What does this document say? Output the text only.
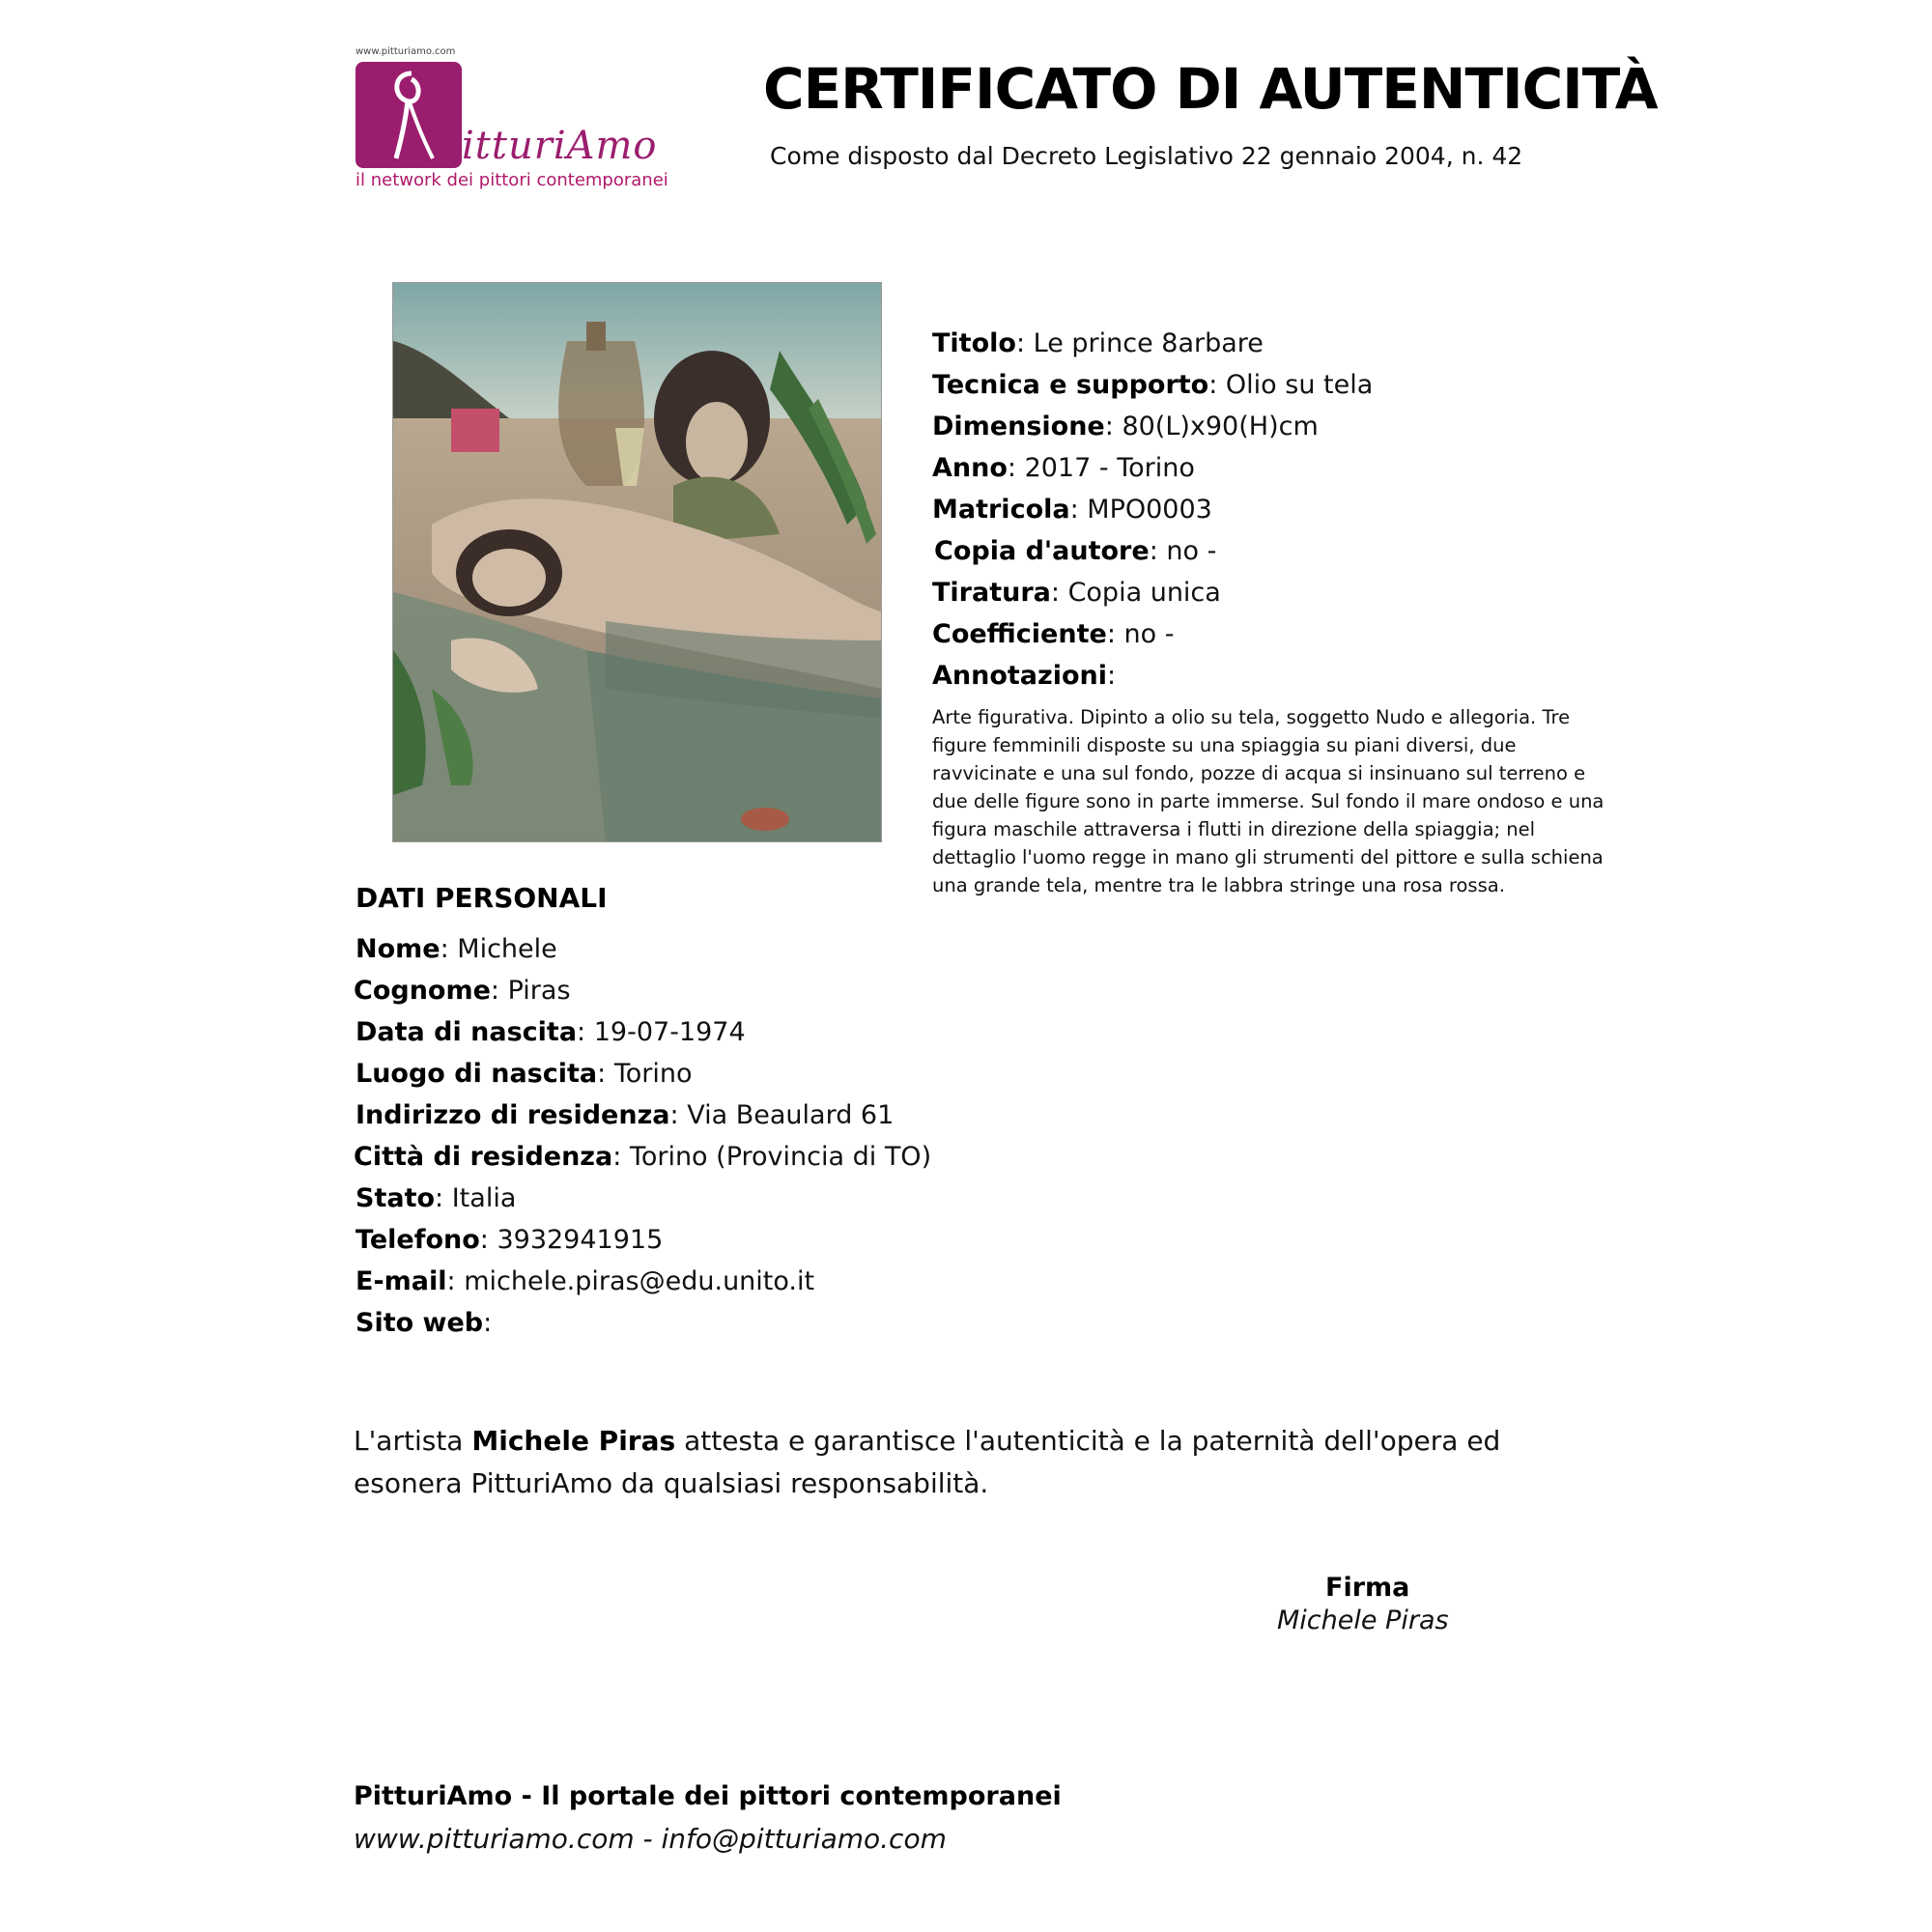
www.pitturiamo.com
itturiAmo
il network dei pittori contemporanei
CERTIFICATO DI AUTENTICITÀ
Come disposto dal Decreto Legislativo 22 gennaio 2004, n. 42
Titolo: Le prince 8arbare
Tecnica e supporto: Olio su tela
Dimensione: 80(L)x90(H)cm
Anno: 2017 - Torino
Matricola: MPO0003
Copia d'autore: no -
Tiratura: Copia unica
Coefficiente: no -
Annotazioni:
Arte figurativa. Dipinto a olio su tela, soggetto Nudo e allegoria. Tre figure femminili disposte su una spiaggia su piani diversi, due ravvicinate e una sul fondo, pozze di acqua si insinuano sul terreno e due delle figure sono in parte immerse. Sul fondo il mare ondoso e una figura maschile attraversa i flutti in direzione della spiaggia; nel dettaglio l'uomo regge in mano gli strumenti del pittore e sulla schiena una grande tela, mentre tra le labbra stringe una rosa rossa.
DATI PERSONALI
Nome: Michele
Cognome: Piras
Data di nascita: 19-07-1974
Luogo di nascita: Torino
Indirizzo di residenza: Via Beaulard 61
Città di residenza: Torino (Provincia di TO)
Stato: Italia
Telefono: 3932941915
E-mail: michele.piras@edu.unito.it
Sito web:
L'artista Michele Piras attesta e garantisce l'autenticità e la paternità dell'opera ed esonera PitturiAmo da qualsiasi responsabilità.
Firma
Michele Piras
PitturiAmo - Il portale dei pittori contemporanei
www.pitturiamo.com - info@pitturiamo.com
